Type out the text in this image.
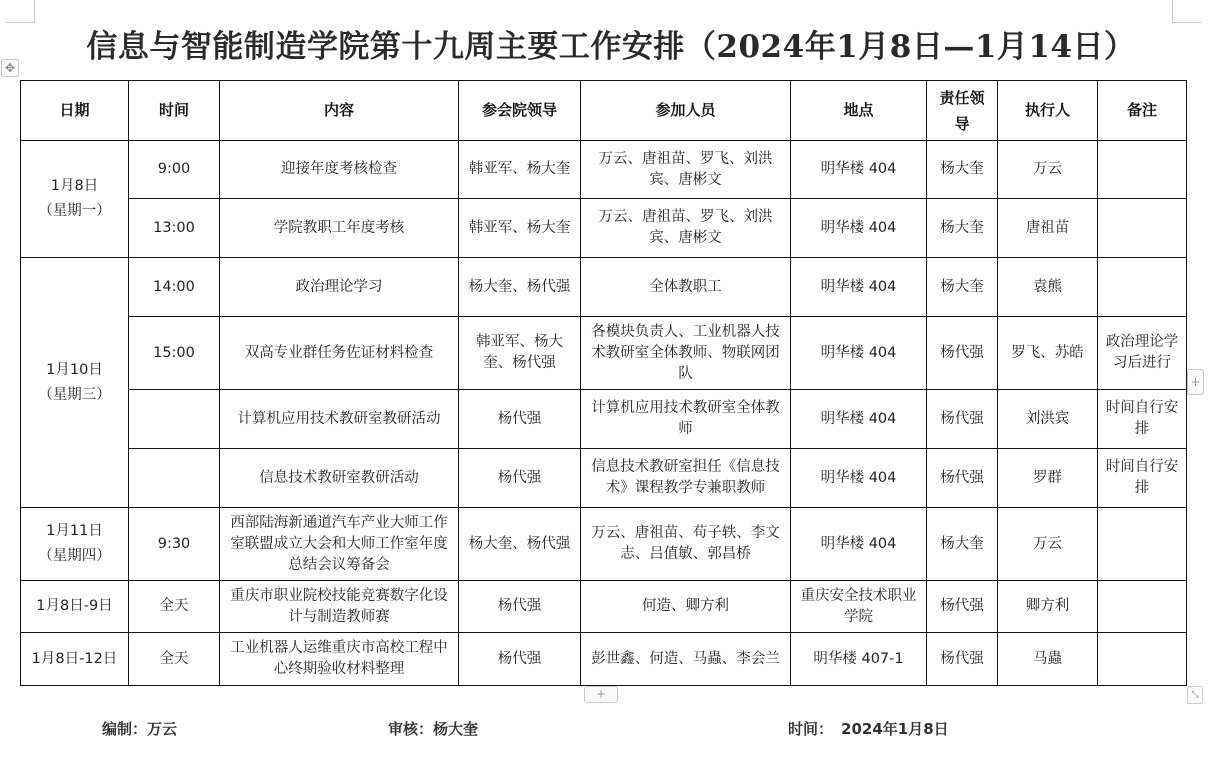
信息与智能制造学院第十九周主要工作安排（2024年1月8日—1月14日）
✥
日期	时间	内容	参会院领导	参加人员	地点	责任领导	执行人	备注
1月8日（星期一）	9:00	迎接年度考核检查	韩亚军、杨大奎	万云、唐祖苗、罗飞、刘洪宾、唐彬文	明华楼 404	杨大奎	万云	
	13:00	学院教职工年度考核	韩亚军、杨大奎	万云、唐祖苗、罗飞、刘洪宾、唐彬文	明华楼 404	杨大奎	唐祖苗	
1月10日（星期三）	14:00	政治理论学习	杨大奎、杨代强	全体教职工	明华楼 404	杨大奎	袁熊	
	15:00	双高专业群任务佐证材料检查	韩亚军、杨大奎、杨代强	各模块负责人、工业机器人技术教研室全体教师、物联网团队	明华楼 404	杨代强	罗飞、苏皓	政治理论学习后进行
		计算机应用技术教研室教研活动	杨代强	计算机应用技术教研室全体教师	明华楼 404	杨代强	刘洪宾	时间自行安排
		信息技术教研室教研活动	杨代强	信息技术教研室担任《信息技术》课程教学专兼职教师	明华楼 404	杨代强	罗群	时间自行安排
1月11日（星期四）	9:30	西部陆海新通道汽车产业大师工作室联盟成立大会和大师工作室年度总结会议筹备会	杨大奎、杨代强	万云、唐祖苗、苟子轶、李文志、吕值敏、郭昌桥	明华楼 404	杨大奎	万云	
1月8日-9日	全天	重庆市职业院校技能竞赛数字化设计与制造教师赛	杨代强	何造、卿方利	重庆安全技术职业学院	杨代强	卿方利	
1月8日-12日	全天	工业机器人运维重庆市高校工程中心终期验收材料整理	杨代强	彭世鑫、何造、马蟲、李会兰	明华楼 407-1	杨代强	马蟲	
+
+	⤡
编制：万云	审核：杨大奎	时间： 2024年1月8日
